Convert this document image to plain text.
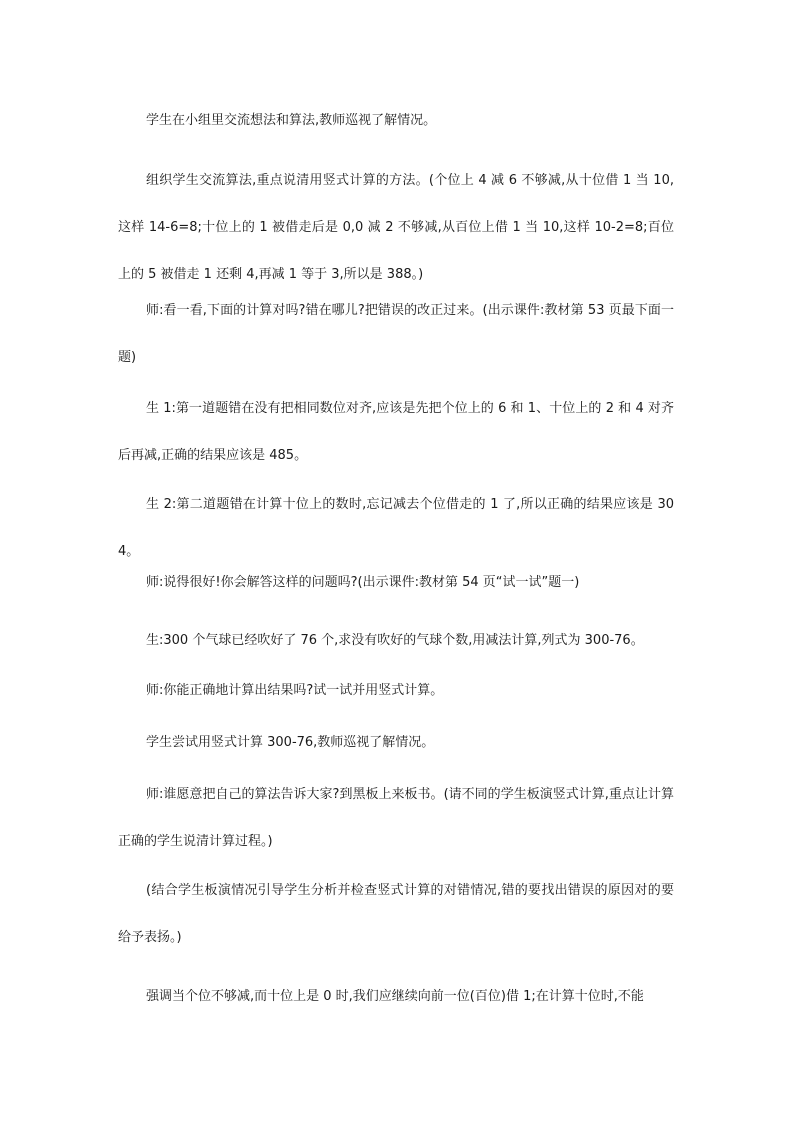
学生在小组里交流想法和算法,教师巡视了解情况。

组织学生交流算法,重点说清用竖式计算的方法。(个位上 4 减 6 不够减,从十位借 1 当 10,这样 14-6=8;十位上的 1 被借走后是 0,0 减 2 不够减,从百位上借 1 当 10,这样 10-2=8;百位上的 5 被借走 1 还剩 4,再减 1 等于 3,所以是 388。)

师:看一看,下面的计算对吗?错在哪儿?把错误的改正过来。(出示课件:教材第 53 页最下面一题)

生 1:第一道题错在没有把相同数位对齐,应该是先把个位上的 6 和 1、十位上的 2 和 4 对齐后再减,正确的结果应该是 485。

生 2:第二道题错在计算十位上的数时,忘记减去个位借走的 1 了,所以正确的结果应该是 304。

师:说得很好!你会解答这样的问题吗?(出示课件:教材第 54 页“试一试”题一)

生:300 个气球已经吹好了 76 个,求没有吹好的气球个数,用减法计算,列式为 300-76。

师:你能正确地计算出结果吗?试一试并用竖式计算。

学生尝试用竖式计算 300-76,教师巡视了解情况。

师:谁愿意把自己的算法告诉大家?到黑板上来板书。(请不同的学生板演竖式计算,重点让计算正确的学生说清计算过程。)

(结合学生板演情况引导学生分析并检查竖式计算的对错情况,错的要找出错误的原因对的要给予表扬。)

强调当个位不够减,而十位上是 0 时,我们应继续向前一位(百位)借 1;在计算十位时,不能
